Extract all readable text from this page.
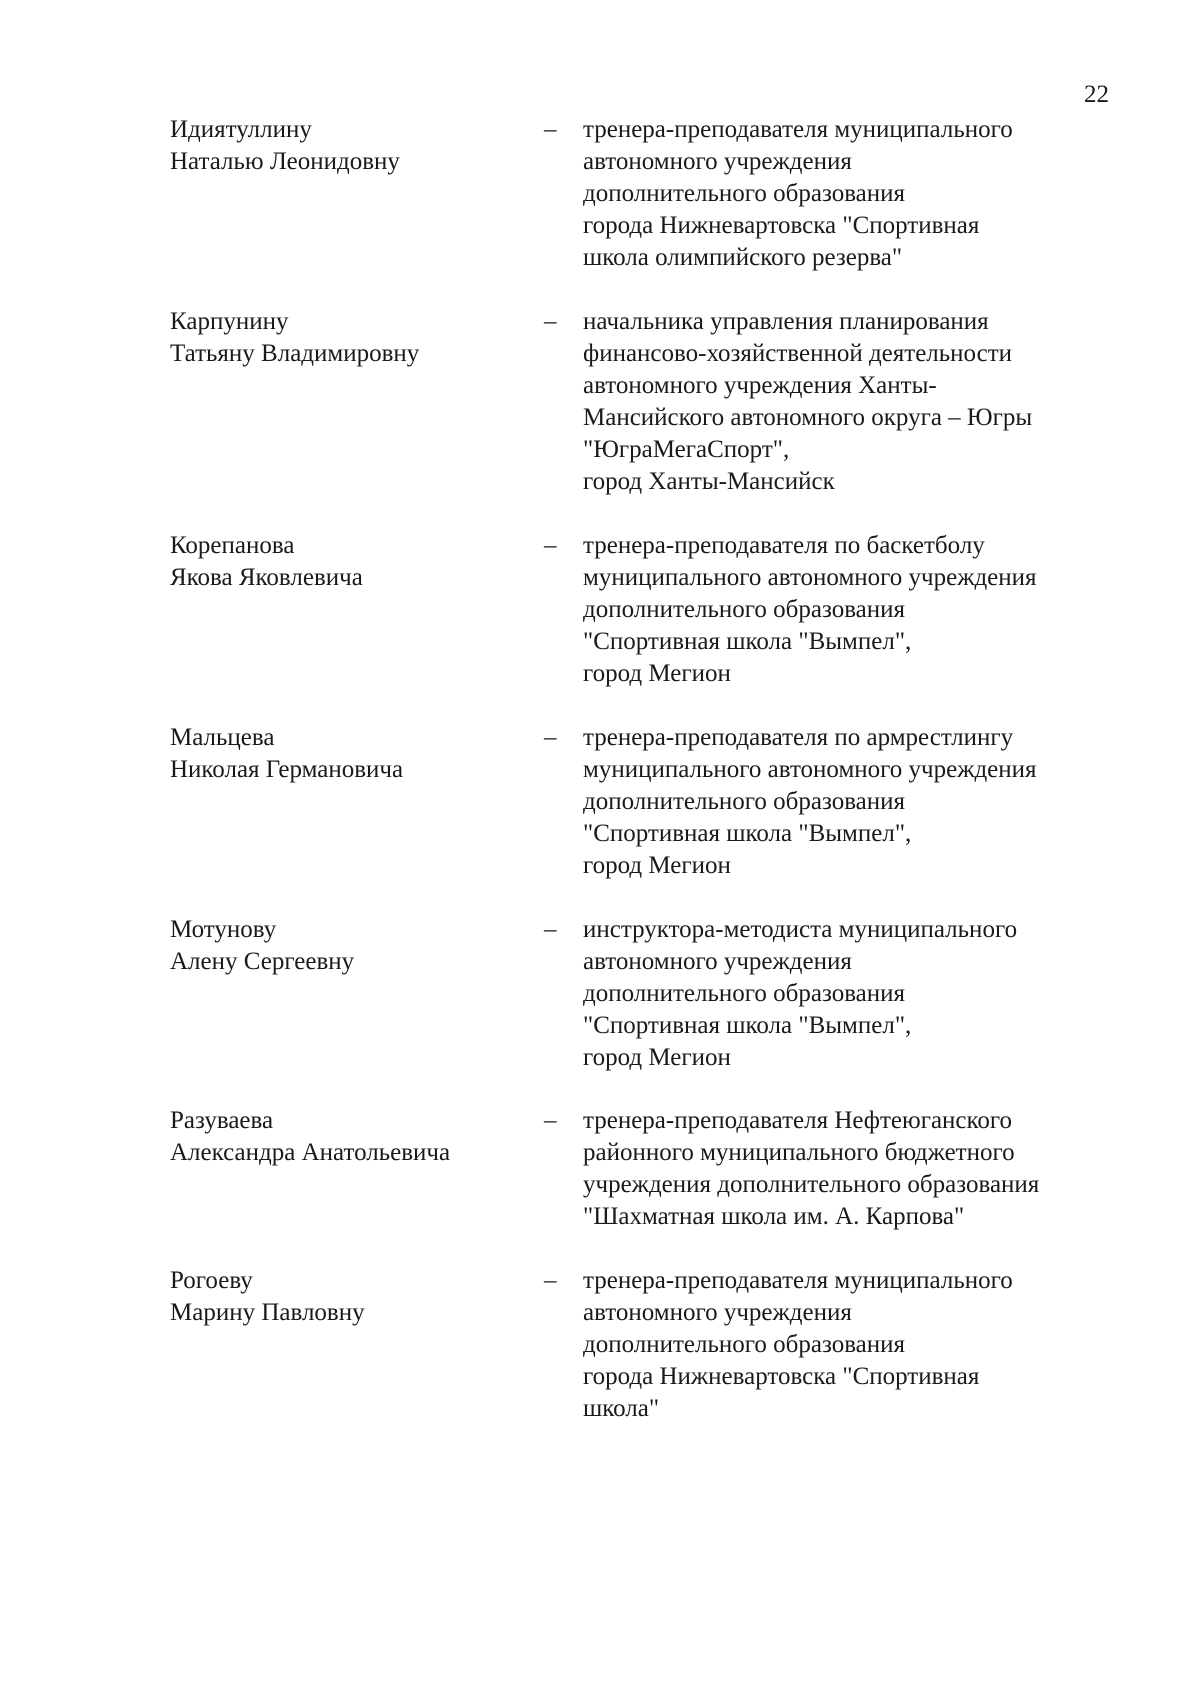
22
Идиятуллину
Наталью Леонидовну
– тренера-преподавателя муниципального
автономного учреждения
дополнительного образования
города Нижневартовска "Спортивная
школа олимпийского резерва"
Карпунину
Татьяну Владимировну
– начальника управления планирования
финансово-хозяйственной деятельности
автономного учреждения Ханты-
Мансийского автономного округа – Югры
"ЮграМегаСпорт",
город Ханты-Мансийск
Корепанова
Якова Яковлевича
– тренера-преподавателя по баскетболу
муниципального автономного учреждения
дополнительного образования
"Спортивная школа "Вымпел",
город Мегион
Мальцева
Николая Германовича
– тренера-преподавателя по армрестлингу
муниципального автономного учреждения
дополнительного образования
"Спортивная школа "Вымпел",
город Мегион
Мотунову
Алену Сергеевну
– инструктора-методиста муниципального
автономного учреждения
дополнительного образования
"Спортивная школа "Вымпел",
город Мегион
Разуваева
Александра Анатольевича
– тренера-преподавателя Нефтеюганского
районного муниципального бюджетного
учреждения дополнительного образования
"Шахматная школа им. А. Карпова"
Рогоеву
Марину Павловну
– тренера-преподавателя муниципального
автономного учреждения
дополнительного образования
города Нижневартовска "Спортивная
школа"
